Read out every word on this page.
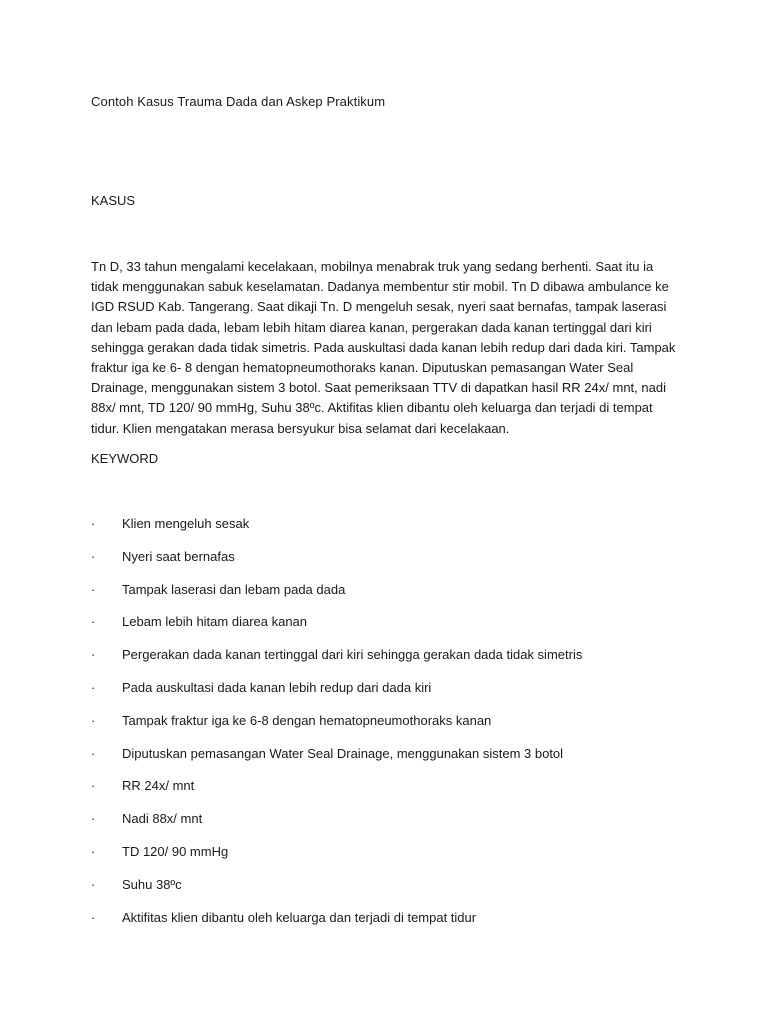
Contoh Kasus Trauma Dada dan Askep Praktikum
KASUS

Tn D, 33 tahun mengalami kecelakaan, mobilnya menabrak truk yang sedang berhenti. Saat itu ia tidak menggunakan sabuk keselamatan. Dadanya membentur stir mobil. Tn D dibawa ambulance ke IGD RSUD Kab. Tangerang. Saat dikaji Tn. D mengeluh sesak, nyeri saat bernafas, tampak laserasi dan lebam pada dada, lebam lebih hitam diarea kanan, pergerakan dada kanan tertinggal dari kiri sehingga gerakan dada tidak simetris. Pada auskultasi dada kanan lebih redup dari dada kiri. Tampak fraktur iga ke 6- 8 dengan hematopneumothoraks kanan. Diputuskan pemasangan Water Seal Drainage, menggunakan sistem 3 botol. Saat pemeriksaan TTV di dapatkan hasil RR 24x/ mnt, nadi 88x/ mnt, TD 120/ 90 mmHg, Suhu 38ºc. Aktifitas klien dibantu oleh keluarga dan terjadi di tempat tidur. Klien mengatakan merasa bersyukur bisa selamat dari kecelakaan.

KEYWORD
·	Klien mengeluh sesak
·	Nyeri saat bernafas
·	Tampak laserasi dan lebam pada dada
·	Lebam lebih hitam diarea kanan
·	Pergerakan dada kanan tertinggal dari kiri sehingga gerakan dada tidak simetris
·	Pada auskultasi dada kanan lebih redup dari dada kiri
·	Tampak fraktur iga ke 6-8 dengan hematopneumothoraks kanan
·	Diputuskan pemasangan Water Seal Drainage, menggunakan sistem 3 botol
·	RR 24x/ mnt
·	Nadi 88x/ mnt
·	TD 120/ 90 mmHg
·	Suhu 38ºc
·	Aktifitas klien dibantu oleh keluarga dan terjadi di tempat tidur
